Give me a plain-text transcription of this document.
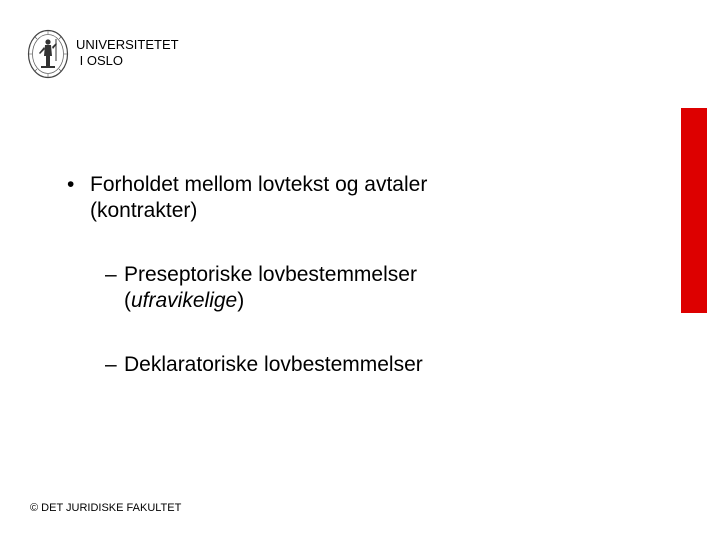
UNIVERSITETET
I OSLO
• Forholdet mellom lovtekst og avtaler
(kontrakter)
– Preseptoriske lovbestemmelser
(ufravikelige)
– Deklaratoriske lovbestemmelser
© DET JURIDISKE FAKULTET
